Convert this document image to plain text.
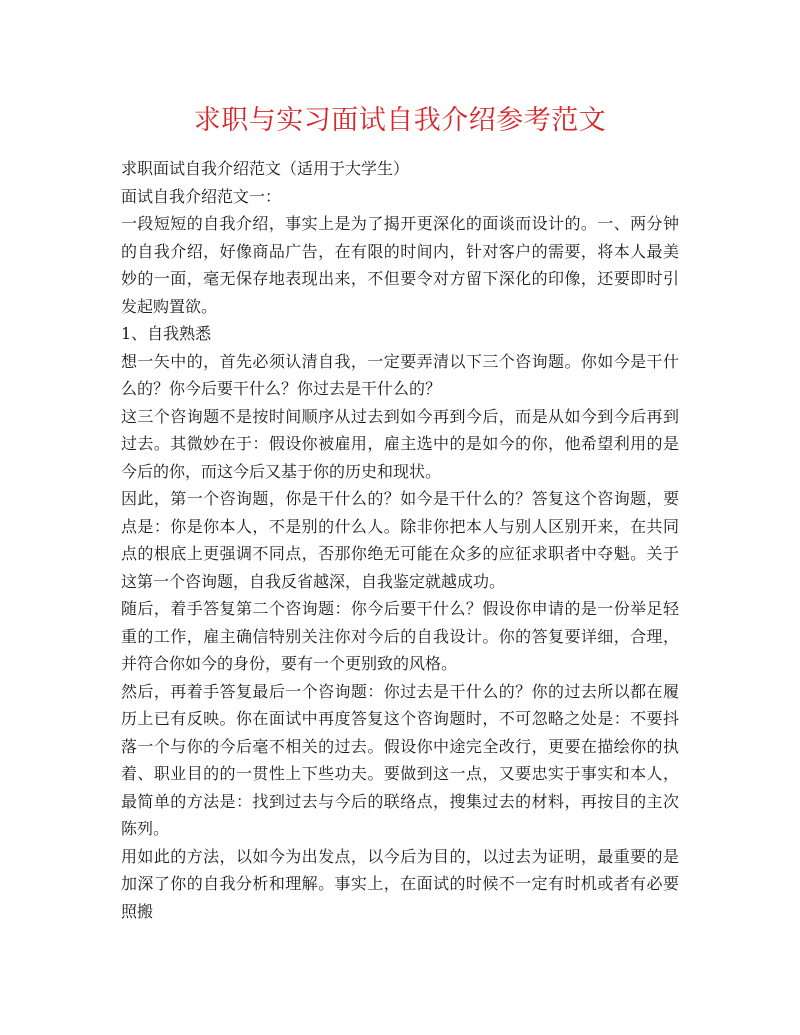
求职与实习面试自我介绍参考范文

求职面试自我介绍范文（适用于大学生）

面试自我介绍范文一：

一段短短的自我介绍，事实上是为了揭开更深化的面谈而设计的。一、两分钟的自我介绍，好像商品广告，在有限的时间内，针对客户的需要，将本人最美妙的一面，毫无保存地表现出来，不但要令对方留下深化的印像，还要即时引发起购置欲。

1、自我熟悉

想一矢中的，首先必须认清自我，一定要弄清以下三个咨询题。你如今是干什么的？你今后要干什么？你过去是干什么的？

这三个咨询题不是按时间顺序从过去到如今再到今后，而是从如今到今后再到过去。其微妙在于：假设你被雇用，雇主选中的是如今的你，他希望利用的是今后的你，而这今后又基于你的历史和现状。

因此，第一个咨询题，你是干什么的？如今是干什么的？答复这个咨询题，要点是：你是你本人，不是别的什么人。除非你把本人与别人区别开来，在共同点的根底上更强调不同点，否那你绝无可能在众多的应征求职者中夺魁。关于这第一个咨询题，自我反省越深，自我鉴定就越成功。

随后，着手答复第二个咨询题：你今后要干什么？假设你申请的是一份举足轻重的工作，雇主确信特别关注你对今后的自我设计。你的答复要详细，合理，并符合你如今的身份，要有一个更别致的风格。

然后，再着手答复最后一个咨询题：你过去是干什么的？你的过去所以都在履历上已有反映。你在面试中再度答复这个咨询题时，不可忽略之处是：不要抖落一个与你的今后毫不相关的过去。假设你中途完全改行，更要在描绘你的执着、职业目的的一贯性上下些功夫。要做到这一点，又要忠实于事实和本人，最简单的方法是：找到过去与今后的联络点，搜集过去的材料，再按目的主次陈列。

用如此的方法，以如今为出发点，以今后为目的，以过去为证明，最重要的是加深了你的自我分析和理解。事实上，在面试的时候不一定有时机或者有必要照搬
